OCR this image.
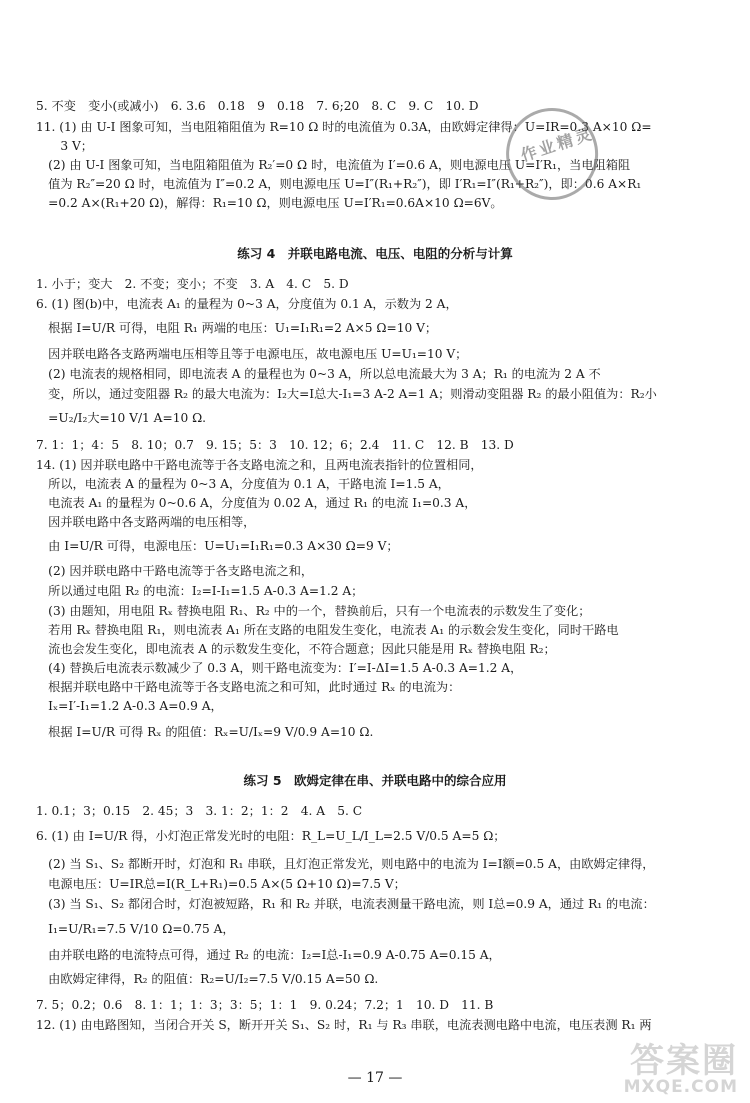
5. 不变　变小(或减小)　6. 3.6　0.18　9　0.18　7. 6;20　8. C　9. C　10. D
11. (1) 由 U-I 图象可知，当电阻箱阻值为 R=10 Ω 时的电流值为 0.3A，由欧姆定律得：U=IR=0.3 A×10 Ω=
　　3 V；
　(2) 由 U-I 图象可知，当电阻箱阻值为 R₂′=0 Ω 时，电流值为 I′=0.6 A，则电源电压 U=I′R₁，当电阻箱阻
　值为 R₂″=20 Ω 时，电流值为 I″=0.2 A，则电源电压 U=I″(R₁+R₂″)，即 I′R₁=I″(R₁+R₂″)，即：0.6 A×R₁
　=0.2 A×(R₁+20 Ω)，解得：R₁=10 Ω，则电源电压 U=I′R₁=0.6A×10 Ω=6V。
练习 4　并联电路电流、电压、电阻的分析与计算
1. 小于；变大　2. 不变；变小；不变　3. A　4. C　5. D
6. (1) 图(b)中，电流表 A₁ 的量程为 0~3 A，分度值为 0.1 A，示数为 2 A，
　根据 I=U/R 可得，电阻 R₁ 两端的电压：U₁=I₁R₁=2 A×5 Ω=10 V；
　因并联电路各支路两端电压相等且等于电源电压，故电源电压 U=U₁=10 V；
　(2) 电流表的规格相同，即电流表 A 的量程也为 0~3 A，所以总电流最大为 3 A；R₁ 的电流为 2 A 不
　变，所以，通过变阻器 R₂ 的最大电流为：I₂大=I总大-I₁=3 A-2 A=1 A；则滑动变阻器 R₂ 的最小阻值为：R₂小
　=U₂/I₂大=10 V/1 A=10 Ω.
7. 1：1；4：5　8. 10；0.7　9. 15；5：3　10. 12；6；2.4　11. C　12. B　13. D
14. (1) 因并联电路中干路电流等于各支路电流之和，且两电流表指针的位置相同，
　所以，电流表 A 的量程为 0~3 A，分度值为 0.1 A，干路电流 I=1.5 A，
　电流表 A₁ 的量程为 0~0.6 A，分度值为 0.02 A，通过 R₁ 的电流 I₁=0.3 A，
　因并联电路中各支路两端的电压相等，
　由 I=U/R 可得，电源电压：U=U₁=I₁R₁=0.3 A×30 Ω=9 V；
　(2) 因并联电路中干路电流等于各支路电流之和，
　所以通过电阻 R₂ 的电流：I₂=I-I₁=1.5 A-0.3 A=1.2 A；
　(3) 由题知，用电阻 Rₓ 替换电阻 R₁、R₂ 中的一个，替换前后，只有一个电流表的示数发生了变化；
　若用 Rₓ 替换电阻 R₁，则电流表 A₁ 所在支路的电阻发生变化，电流表 A₁ 的示数会发生变化，同时干路电
　流也会发生变化，即电流表 A 的示数发生变化，不符合题意；因此只能是用 Rₓ 替换电阻 R₂；
　(4) 替换后电流表示数减少了 0.3 A，则干路电流变为：I′=I-ΔI=1.5 A-0.3 A=1.2 A，
　根据并联电路中干路电流等于各支路电流之和可知，此时通过 Rₓ 的电流为：
　Iₓ=I′-I₁=1.2 A-0.3 A=0.9 A，
　根据 I=U/R 可得 Rₓ 的阻值：Rₓ=U/Iₓ=9 V/0.9 A=10 Ω.
练习 5　欧姆定律在串、并联电路中的综合应用
1. 0.1；3；0.15　2. 45；3　3. 1：2；1：2　4. A　5. C
6. (1) 由 I=U/R 得，小灯泡正常发光时的电阻：R_L=U_L/I_L=2.5 V/0.5 A=5 Ω；
　(2) 当 S₁、S₂ 都断开时，灯泡和 R₁ 串联，且灯泡正常发光，则电路中的电流为 I=I额=0.5 A，由欧姆定律得，
　电源电压：U=IR总=I(R_L+R₁)=0.5 A×(5 Ω+10 Ω)=7.5 V；
　(3) 当 S₁、S₂ 都闭合时，灯泡被短路，R₁ 和 R₂ 并联，电流表测量干路电流，则 I总=0.9 A，通过 R₁ 的电流：
　I₁=U/R₁=7.5 V/10 Ω=0.75 A，
　由并联电路的电流特点可得，通过 R₂ 的电流：I₂=I总-I₁=0.9 A-0.75 A=0.15 A，
　由欧姆定律得，R₂ 的阻值：R₂=U/I₂=7.5 V/0.15 A=50 Ω.
7. 5；0.2；0.6　8. 1：1；1：3；3：5；1：1　9. 0.24；7.2；1　10. D　11. B
12. (1) 由电路图知，当闭合开关 S，断开开关 S₁、S₂ 时，R₁ 与 R₃ 串联，电流表测电路中电流，电压表测 R₁ 两
— 17 —
作业精灵
答案圈
MXQE.COM
